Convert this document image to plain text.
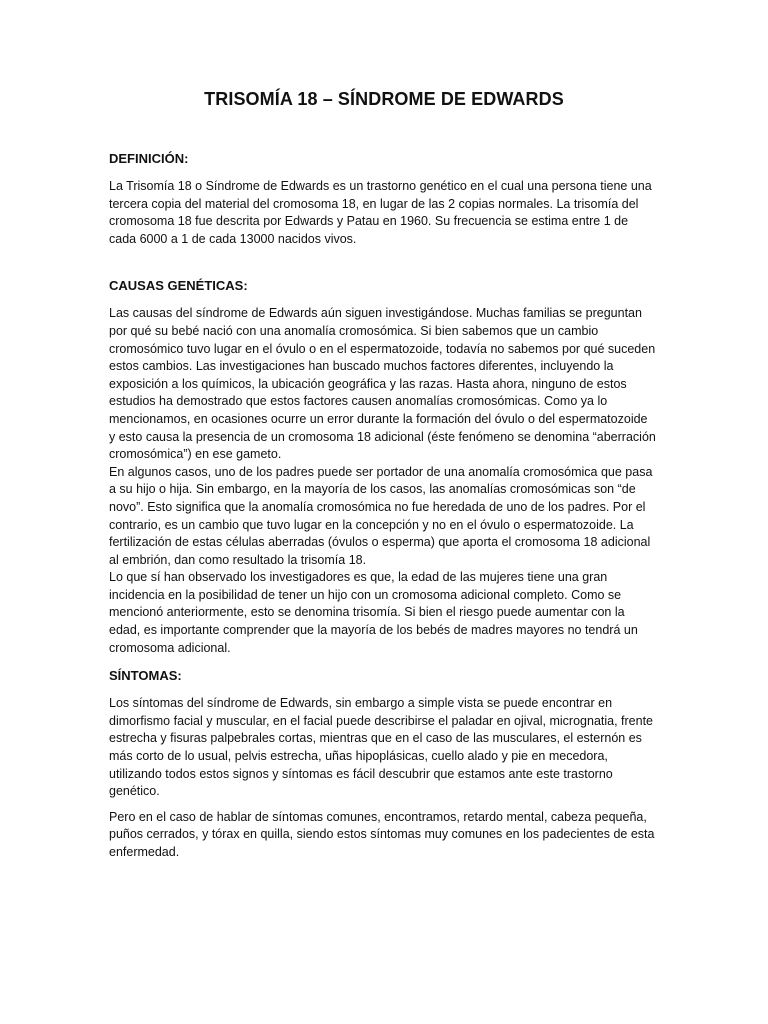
TRISOMÍA 18 – SÍNDROME DE EDWARDS

DEFINICIÓN:

La Trisomía 18 o Síndrome de Edwards es un trastorno genético en el cual una persona tiene una tercera copia del material del cromosoma 18, en lugar de las 2 copias normales. La trisomía del cromosoma 18 fue descrita por Edwards y Patau en 1960. Su frecuencia se estima entre 1 de cada 6000 a 1 de cada 13000 nacidos vivos.

CAUSAS GENÉTICAS:

Las causas del síndrome de Edwards aún siguen investigándose. Muchas familias se preguntan por qué su bebé nació con una anomalía cromosómica. Si bien sabemos que un cambio cromosómico tuvo lugar en el óvulo o en el espermatozoide, todavía no sabemos por qué suceden estos cambios. Las investigaciones han buscado muchos factores diferentes, incluyendo la exposición a los químicos, la ubicación geográfica y las razas. Hasta ahora, ninguno de estos estudios ha demostrado que estos factores causen anomalías cromosómicas. Como ya lo mencionamos, en ocasiones ocurre un error durante la formación del óvulo o del espermatozoide y esto causa la presencia de un cromosoma 18 adicional (éste fenómeno se denomina “aberración cromosómica”) en ese gameto.

En algunos casos, uno de los padres puede ser portador de una anomalía cromosómica que pasa a su hijo o hija. Sin embargo, en la mayoría de los casos, las anomalías cromosómicas son “de novo”. Esto significa que la anomalía cromosómica no fue heredada de uno de los padres. Por el contrario, es un cambio que tuvo lugar en la concepción y no en el óvulo o espermatozoide. La fertilización de estas células aberradas (óvulos o esperma) que aporta el cromosoma 18 adicional al embrión, dan como resultado la trisomía 18.

Lo que sí han observado los investigadores es que, la edad de las mujeres tiene una gran incidencia en la posibilidad de tener un hijo con un cromosoma adicional completo. Como se mencionó anteriormente, esto se denomina trisomía. Si bien el riesgo puede aumentar con la edad, es importante comprender que la mayoría de los bebés de madres mayores no tendrá un cromosoma adicional.

SÍNTOMAS:

Los síntomas del síndrome de Edwards, sin embargo a simple vista se puede encontrar en dimorfismo facial y muscular, en el facial puede describirse el paladar en ojival, micrognatia, frente estrecha y fisuras palpebrales cortas, mientras que en el caso de las musculares, el esternón es más corto de lo usual, pelvis estrecha, uñas hipoplásicas, cuello alado y pie en mecedora, utilizando todos estos signos y síntomas es fácil descubrir que estamos ante este trastorno genético.

Pero en el caso de hablar de síntomas comunes, encontramos, retardo mental, cabeza pequeña, puños cerrados, y tórax en quilla, siendo estos síntomas muy comunes en los padecientes de esta enfermedad.
